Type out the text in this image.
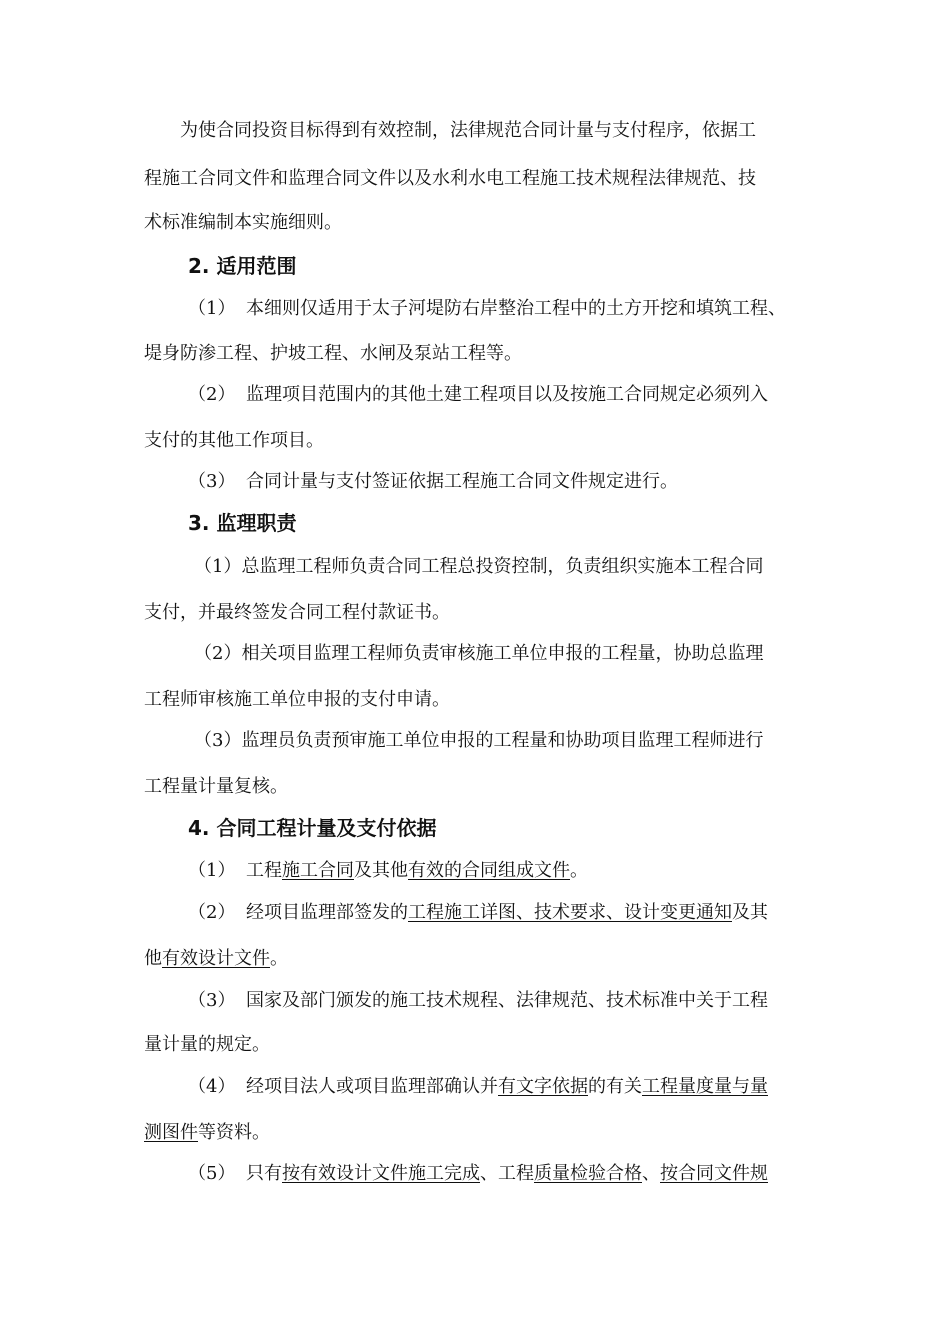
为使合同投资目标得到有效控制，法律规范合同计量与支付程序，依据工
程施工合同文件和监理合同文件以及水利水电工程施工技术规程法律规范、技
术标准编制本实施细则。
2. 适用范围
（1） 本细则仅适用于太子河堤防右岸整治工程中的土方开挖和填筑工程、
堤身防渗工程、护坡工程、水闸及泵站工程等。
（2） 监理项目范围内的其他土建工程项目以及按施工合同规定必须列入
支付的其他工作项目。
（3） 合同计量与支付签证依据工程施工合同文件规定进行。
3. 监理职责
（1）总监理工程师负责合同工程总投资控制，负责组织实施本工程合同
支付，并最终签发合同工程付款证书。
（2）相关项目监理工程师负责审核施工单位申报的工程量，协助总监理
工程师审核施工单位申报的支付申请。
（3）监理员负责预审施工单位申报的工程量和协助项目监理工程师进行
工程量计量复核。
4. 合同工程计量及支付依据
（1） 工程施工合同及其他有效的合同组成文件。
（2） 经项目监理部签发的工程施工详图、技术要求、设计变更通知及其
他有效设计文件。
（3） 国家及部门颁发的施工技术规程、法律规范、技术标准中关于工程
量计量的规定。
（4） 经项目法人或项目监理部确认并有文字依据的有关工程量度量与量
测图件等资料。
（5） 只有按有效设计文件施工完成、工程质量检验合格、按合同文件规
